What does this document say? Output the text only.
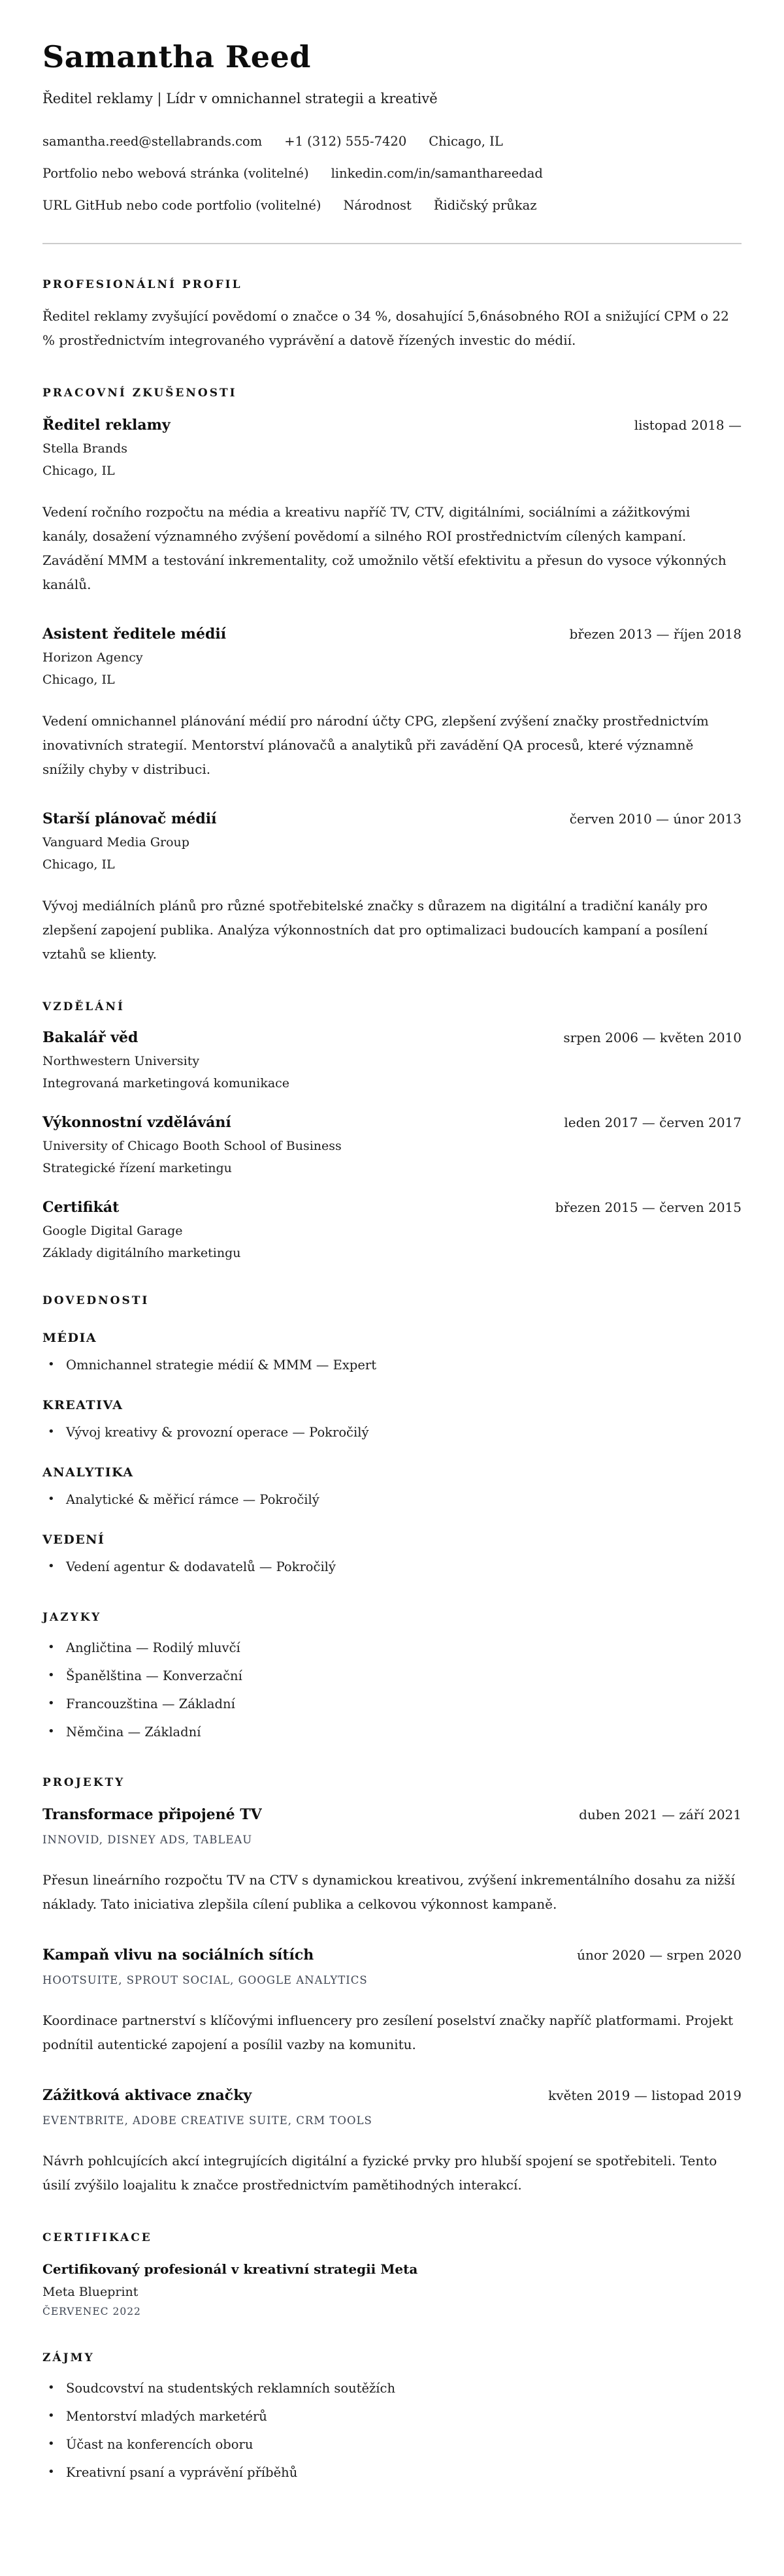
Samantha Reed
Ředitel reklamy | Lídr v omnichannel strategii a kreativě
samantha.reed@stellabrands.com +1 (312) 555-7420 Chicago, IL
Portfolio nebo webová stránka (volitelné) linkedin.com/in/samanthareedad
URL GitHub nebo code portfolio (volitelné) Národnost Řidičský průkaz
PROFESIONÁLNÍ PROFIL

Ředitel reklamy zvyšující povědomí o značce o 34 %, dosahující 5,6násobného ROI a snižující CPM o 22 % prostřednictvím integrovaného vyprávění a datově řízených investic do médií.

PRACOVNÍ ZKUŠENOSTI
Ředitel reklamy	listopad 2018 —
Stella Brands
Chicago, IL

Vedení ročního rozpočtu na média a kreativu napříč TV, CTV, digitálními, sociálními a zážitkovými kanály, dosažení významného zvýšení povědomí a silného ROI prostřednictvím cílených kampaní. Zavádění MMM a testování inkrementality, což umožnilo větší efektivitu a přesun do vysoce výkonných kanálů.

Asistent ředitele médií	březen 2013 — říjen 2018
Horizon Agency
Chicago, IL

Vedení omnichannel plánování médií pro národní účty CPG, zlepšení zvýšení značky prostřednictvím inovativních strategií. Mentorství plánovačů a analytiků při zavádění QA procesů, které významně snížily chyby v distribuci.

Starší plánovač médií	červen 2010 — únor 2013
Vanguard Media Group
Chicago, IL

Vývoj mediálních plánů pro různé spotřebitelské značky s důrazem na digitální a tradiční kanály pro zlepšení zapojení publika. Analýza výkonnostních dat pro optimalizaci budoucích kampaní a posílení vztahů se klienty.

VZDĚLÁNÍ
Bakalář věd	srpen 2006 — květen 2010
Northwestern University
Integrovaná marketingová komunikace
Výkonnostní vzdělávání	leden 2017 — červen 2017
University of Chicago Booth School of Business
Strategické řízení marketingu
Certifikát	březen 2015 — červen 2015
Google Digital Garage
Základy digitálního marketingu
DOVEDNOSTI
MÉDIA
• Omnichannel strategie médií & MMM — Expert
KREATIVA
• Vývoj kreativy & provozní operace — Pokročilý
ANALYTIKA
• Analytické & měřicí rámce — Pokročilý
VEDENÍ
• Vedení agentur & dodavatelů — Pokročilý
JAZYKY
• Angličtina — Rodilý mluvčí
• Španělština — Konverzační
• Francouzština — Základní
• Němčina — Základní
PROJEKTY
Transformace připojené TV	duben 2021 — září 2021
INNOVID, DISNEY ADS, TABLEAU

Přesun lineárního rozpočtu TV na CTV s dynamickou kreativou, zvýšení inkrementálního dosahu za nižší náklady. Tato iniciativa zlepšila cílení publika a celkovou výkonnost kampaně.

Kampaň vlivu na sociálních sítích	únor 2020 — srpen 2020
HOOTSUITE, SPROUT SOCIAL, GOOGLE ANALYTICS

Koordinace partnerství s klíčovými influencery pro zesílení poselství značky napříč platformami. Projekt podnítil autentické zapojení a posílil vazby na komunitu.

Zážitková aktivace značky	květen 2019 — listopad 2019
EVENTBRITE, ADOBE CREATIVE SUITE, CRM TOOLS

Návrh pohlcujících akcí integrujících digitální a fyzické prvky pro hlubší spojení se spotřebiteli. Tento úsilí zvýšilo loajalitu k značce prostřednictvím pamětihodných interakcí.

CERTIFIKACE
Certifikovaný profesionál v kreativní strategii Meta
Meta Blueprint
ČERVENEC 2022
ZÁJMY
• Soudcovství na studentských reklamních soutěžích
• Mentorství mladých marketérů
• Účast na konferencích oboru
• Kreativní psaní a vyprávění příběhů
